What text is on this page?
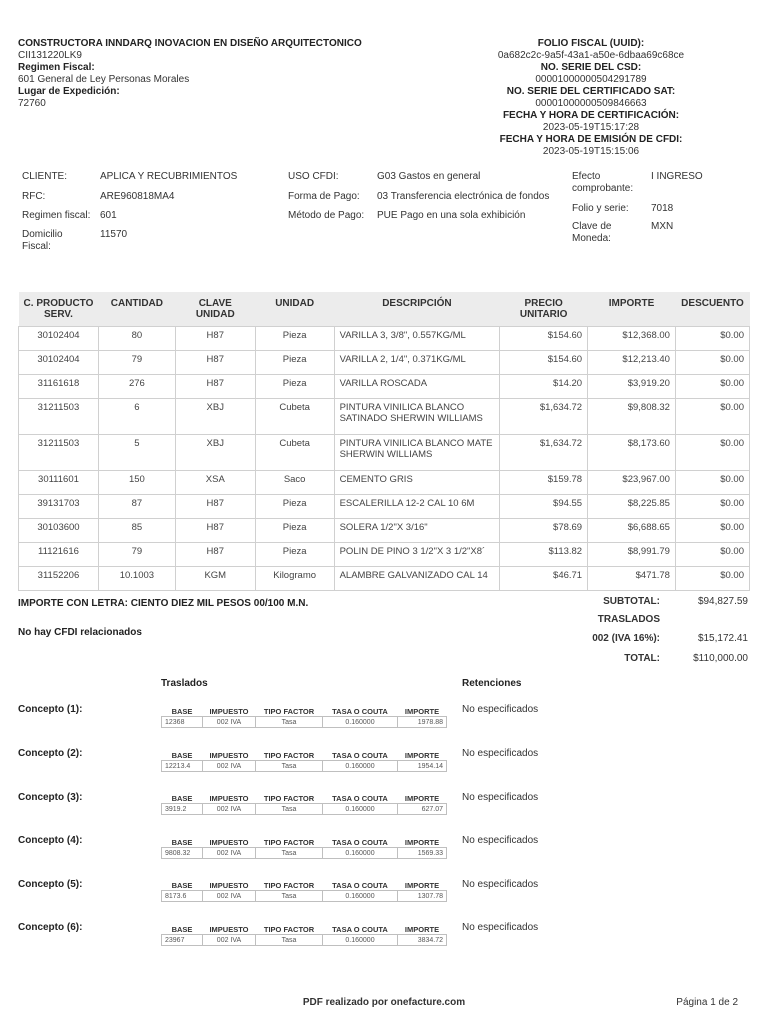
CONSTRUCTORA INNDARQ INOVACION EN DISEÑO ARQUITECTONICO
CII131220LK9
Regimen Fiscal:
601 General de Ley Personas Morales
Lugar de Expedición:
72760
FOLIO FISCAL (UUID):
0a682c2c-9a5f-43a1-a50e-6dbaa69c68ce
NO. SERIE DEL CSD:
00001000000504291789
NO. SERIE DEL CERTIFICADO SAT:
00001000000509846663
FECHA Y HORA DE CERTIFICACIÓN:
2023-05-19T15:17:28
FECHA Y HORA DE EMISIÓN DE CFDI:
2023-05-19T15:15:06
CLIENTE:	APLICA Y RECUBRIMIENTOS
RFC:	ARE960818MA4
Regimen fiscal: 601
Domicilio
Fiscal:
11570
USO CFDI:	G03 Gastos en general
Forma de Pago: 03 Transferencia electrónica de fondos
Método de Pago: PUE Pago en una sola exhibición
Efecto
comprobante:
I INGRESO
Folio y serie: 7018
Clave de
Moneda:
MXN
C. PRODUCTO SERV.	CANTIDAD	CLAVE UNIDAD	UNIDAD	DESCRIPCIÓN	PRECIO UNITARIO	IMPORTE	DESCUENTO
30102404	80	H87	Pieza	VARILLA 3, 3/8", 0.557KG/ML	$154.60	$12,368.00	$0.00
30102404	79	H87	Pieza	VARILLA 2, 1/4", 0.371KG/ML	$154.60	$12,213.40	$0.00
31161618	276	H87	Pieza	VARILLA ROSCADA	$14.20	$3,919.20	$0.00
31211503	6	XBJ	Cubeta	PINTURA VINILICA BLANCO SATINADO SHERWIN WILLIAMS	$1,634.72	$9,808.32	$0.00
31211503	5	XBJ	Cubeta	PINTURA VINILICA BLANCO MATE SHERWIN WILLIAMS	$1,634.72	$8,173.60	$0.00
30111601	150	XSA	Saco	CEMENTO GRIS	$159.78	$23,967.00	$0.00
39131703	87	H87	Pieza	ESCALERILLA 12-2 CAL 10 6M	$94.55	$8,225.85	$0.00
30103600	85	H87	Pieza	SOLERA 1/2"X 3/16"	$78.69	$6,688.65	$0.00
11121616	79	H87	Pieza	POLIN DE PINO 3 1/2"X 3 1/2"X8´	$113.82	$8,991.79	$0.00
31152206	10.1003	KGM	Kilogramo	ALAMBRE GALVANIZADO CAL 14	$46.71	$471.78	$0.00
IMPORTE CON LETRA: CIENTO DIEZ MIL PESOS 00/100 M.N.
No hay CFDI relacionados
SUBTOTAL:	$94,827.59
TRASLADOS
002 (IVA 16%):	$15,172.41
TOTAL:	$110,000.00
Traslados	Retenciones
Concepto (1):	BASE	IMPUESTO	TIPO FACTOR	TASA O COUTA	IMPORTE
12368	002 IVA	Tasa	0.160000	1978.88
No especificados
Concepto (2):	BASE	IMPUESTO	TIPO FACTOR	TASA O COUTA	IMPORTE
12213.4	002 IVA	Tasa	0.160000	1954.14
No especificados
Concepto (3):	BASE	IMPUESTO	TIPO FACTOR	TASA O COUTA	IMPORTE
3919.2	002 IVA	Tasa	0.160000	627.07
No especificados
Concepto (4):	BASE	IMPUESTO	TIPO FACTOR	TASA O COUTA	IMPORTE
9808.32	002 IVA	Tasa	0.160000	1569.33
No especificados
Concepto (5):	BASE	IMPUESTO	TIPO FACTOR	TASA O COUTA	IMPORTE
8173.6	002 IVA	Tasa	0.160000	1307.78
No especificados
Concepto (6):	BASE	IMPUESTO	TIPO FACTOR	TASA O COUTA	IMPORTE
23967	002 IVA	Tasa	0.160000	3834.72
No especificados
PDF realizado por onefacture.com	Página 1 de 2
